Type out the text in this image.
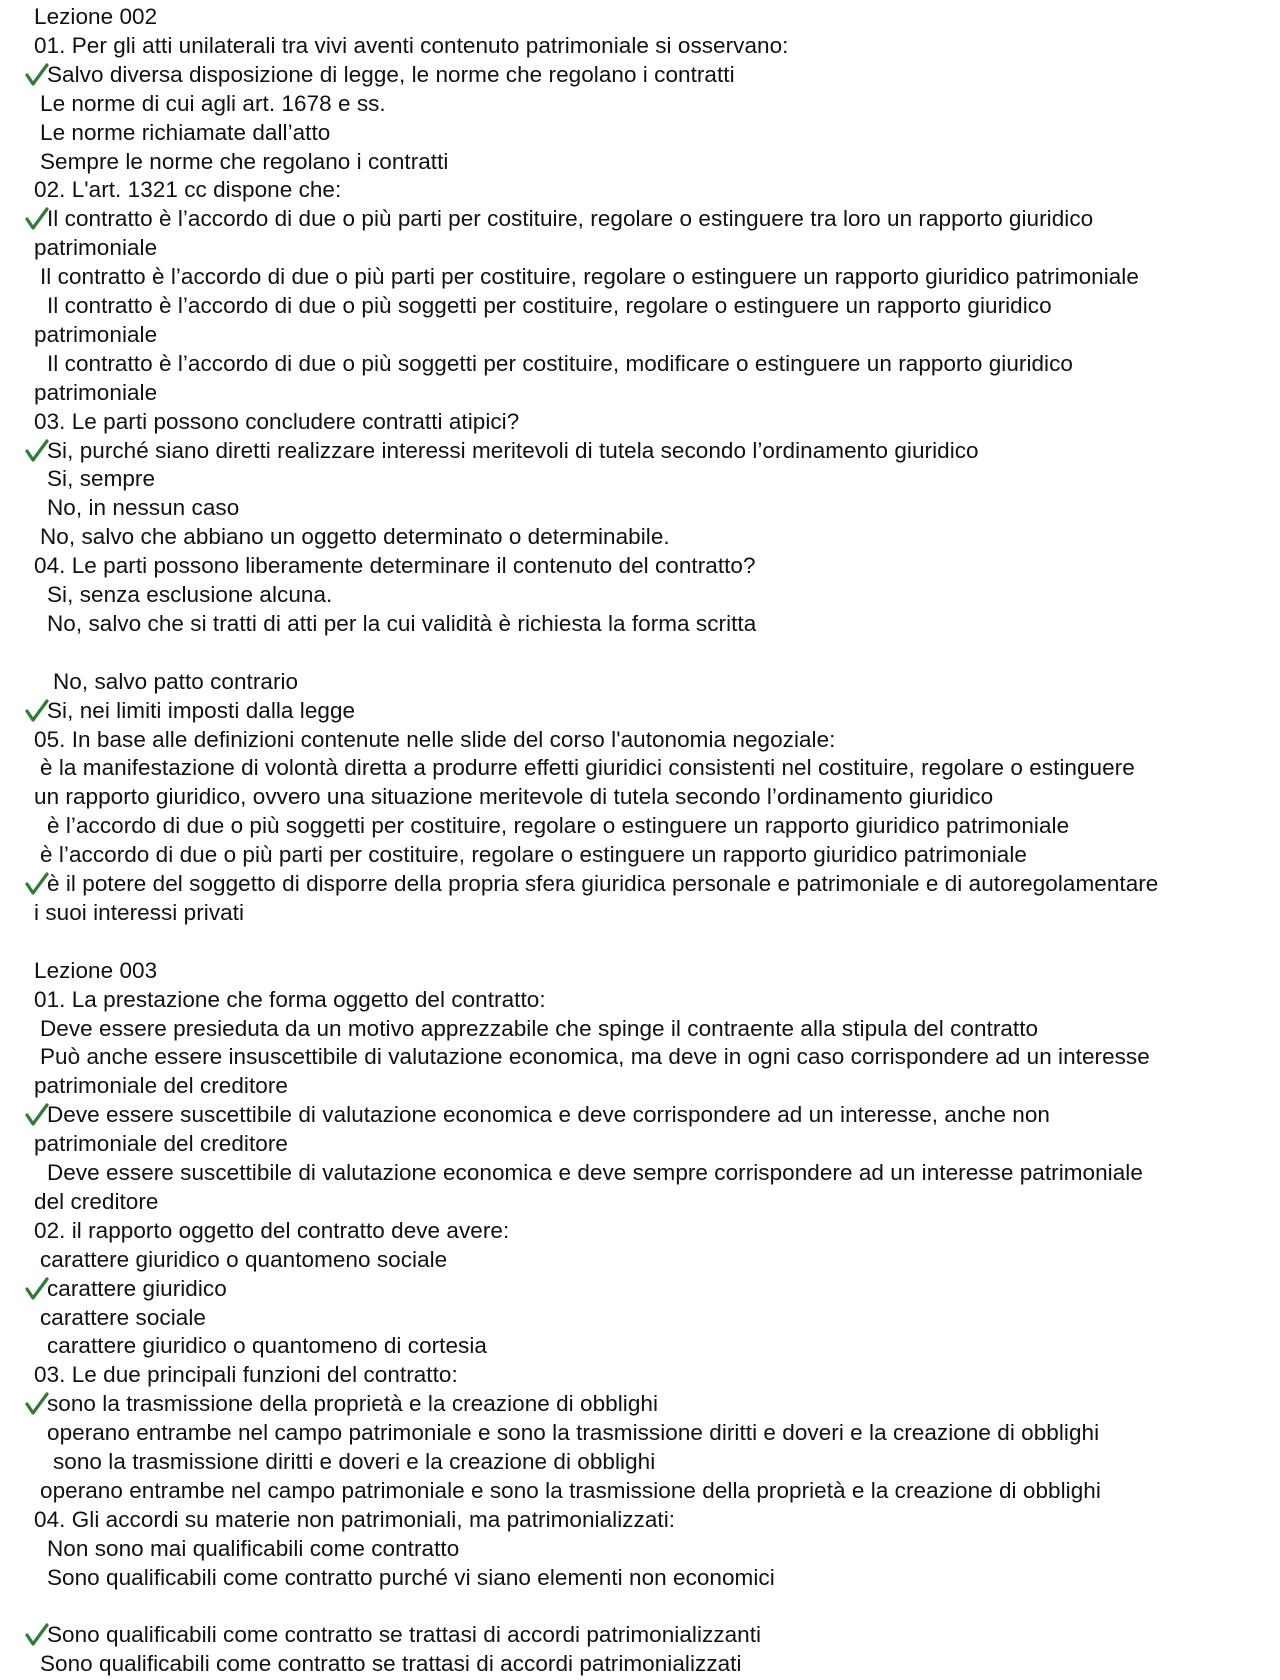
Lezione 002
01. Per gli atti unilaterali tra vivi aventi contenuto patrimoniale si osservano:
Salvo diversa disposizione di legge, le norme che regolano i contratti
Le norme di cui agli art. 1678 e ss.
Le norme richiamate dall’atto
Sempre le norme che regolano i contratti
02. L'art. 1321 cc dispone che:
Il contratto è l’accordo di due o più parti per costituire, regolare o estinguere tra loro un rapporto giuridico
patrimoniale
Il contratto è l’accordo di due o più parti per costituire, regolare o estinguere un rapporto giuridico patrimoniale
Il contratto è l’accordo di due o più soggetti per costituire, regolare o estinguere un rapporto giuridico
patrimoniale
Il contratto è l’accordo di due o più soggetti per costituire, modificare o estinguere un rapporto giuridico
patrimoniale
03. Le parti possono concludere contratti atipici?
Si, purché siano diretti realizzare interessi meritevoli di tutela secondo l’ordinamento giuridico
Si, sempre
No, in nessun caso
No, salvo che abbiano un oggetto determinato o determinabile.
04. Le parti possono liberamente determinare il contenuto del contratto?
Si, senza esclusione alcuna.
No, salvo che si tratti di atti per la cui validità è richiesta la forma scritta
No, salvo patto contrario
Si, nei limiti imposti dalla legge
05. In base alle definizioni contenute nelle slide del corso l'autonomia negoziale:
è la manifestazione di volontà diretta a produrre effetti giuridici consistenti nel costituire, regolare o estinguere
un rapporto giuridico, ovvero una situazione meritevole di tutela secondo l’ordinamento giuridico
è l’accordo di due o più soggetti per costituire, regolare o estinguere un rapporto giuridico patrimoniale
è l’accordo di due o più parti per costituire, regolare o estinguere un rapporto giuridico patrimoniale
è il potere del soggetto di disporre della propria sfera giuridica personale e patrimoniale e di autoregolamentare
i suoi interessi privati
Lezione 003
01. La prestazione che forma oggetto del contratto:
Deve essere presieduta da un motivo apprezzabile che spinge il contraente alla stipula del contratto
Può anche essere insuscettibile di valutazione economica, ma deve in ogni caso corrispondere ad un interesse
patrimoniale del creditore
Deve essere suscettibile di valutazione economica e deve corrispondere ad un interesse, anche non
patrimoniale del creditore
Deve essere suscettibile di valutazione economica e deve sempre corrispondere ad un interesse patrimoniale
del creditore
02. il rapporto oggetto del contratto deve avere:
carattere giuridico o quantomeno sociale
carattere giuridico
carattere sociale
carattere giuridico o quantomeno di cortesia
03. Le due principali funzioni del contratto:
sono la trasmissione della proprietà e la creazione di obblighi
operano entrambe nel campo patrimoniale e sono la trasmissione diritti e doveri e la creazione di obblighi
sono la trasmissione diritti e doveri e la creazione di obblighi
operano entrambe nel campo patrimoniale e sono la trasmissione della proprietà e la creazione di obblighi
04. Gli accordi su materie non patrimoniali, ma patrimonializzati:
Non sono mai qualificabili come contratto
Sono qualificabili come contratto purché vi siano elementi non economici
Sono qualificabili come contratto se trattasi di accordi patrimonializzanti
Sono qualificabili come contratto se trattasi di accordi patrimonializzati
